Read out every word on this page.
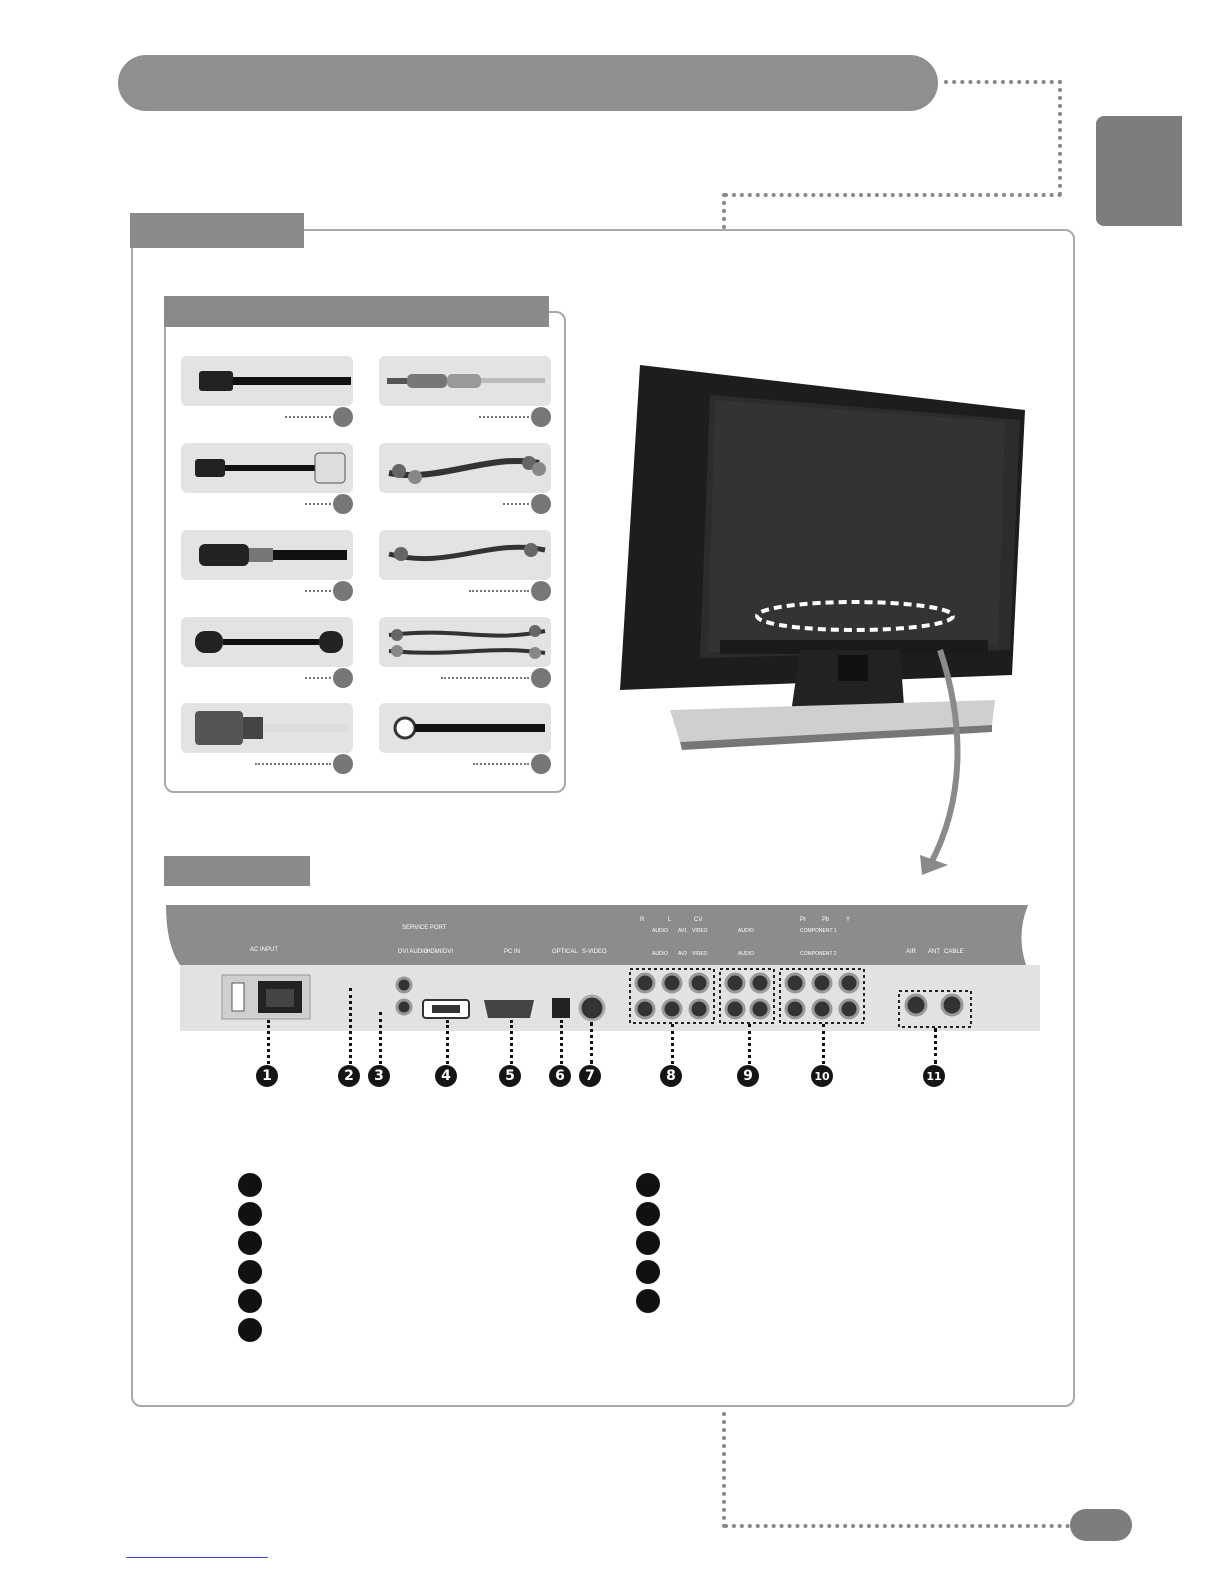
AC INPUT
SERVICE PORT
DVI AUDIO
HDMI/DVI	PC IN	OPTICAL S-VIDEO
R	L	CV
AUDIO AV1 VIDEO
AUDIO AV2 VIDEO
AUDIO
AUDIO
Pr	Pb	Y
COMPONENT 1
COMPONENT 2	AIR ANT CABLE
1	2	3	4	5	6	7	8	9	10	11
